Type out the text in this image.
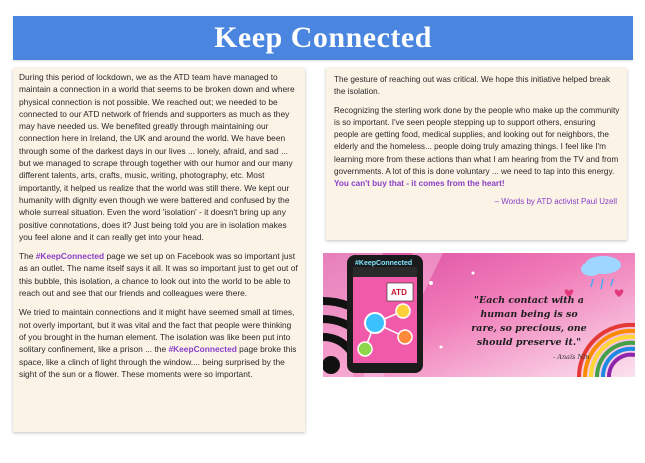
Keep Connected

During this period of lockdown, we as the ATD team have managed to maintain a connection in a world that seems to be broken down and where physical connection is not possible. We reached out; we needed to be connected to our ATD network of friends and supporters as much as they may have needed us. We benefited greatly through maintaining our connection here in Ireland, the UK and around the world. We have been through some of the darkest days in our lives ... lonely, afraid, and sad ... but we managed to scrape through together with our humor and our many different talents, arts, crafts, music, writing, photography, etc. Most importantly, it helped us realize that the world was still there. We kept our humanity with dignity even though we were battered and confused by the whole surreal situation. Even the word 'isolation' - it doesn't bring up any positive connotations, does it? Just being told you are in isolation makes you feel alone and it can really get into your head.

The #KeepConnected page we set up on Facebook was so important just as an outlet. The name itself says it all. It was so important just to get out of this bubble, this isolation, a chance to look out into the world to be able to reach out and see that our friends and colleagues were there.

We tried to maintain connections and it might have seemed small at times, not overly important, but it was vital and the fact that people were thinking of you brought in the human element. The isolation was like been put into solitary confinement, like a prison ... the #KeepConnected page broke this space, like a clinch of light through the window.... being surprised by the sight of the sun or a flower. These moments were so important.

The gesture of reaching out was critical. We hope this initiative helped break the isolation.

Recognizing the sterling work done by the people who make up the community is so important. I've seen people stepping up to support others, ensuring people are getting food, medical supplies, and looking out for neighbors, the elderly and the homeless... people doing truly amazing things. I feel like I'm learning more from these actions than what I am hearing from the TV and from governments. A lot of this is done voluntary ... we need to tap into this energy. You can't buy that - it comes from the heart!

– Words by ATD activist Paul Uzell
#KeepConnected
ATD
"Each contact with a
human being is so
rare, so precious, one
should preserve it."
- Anaïs Nin
